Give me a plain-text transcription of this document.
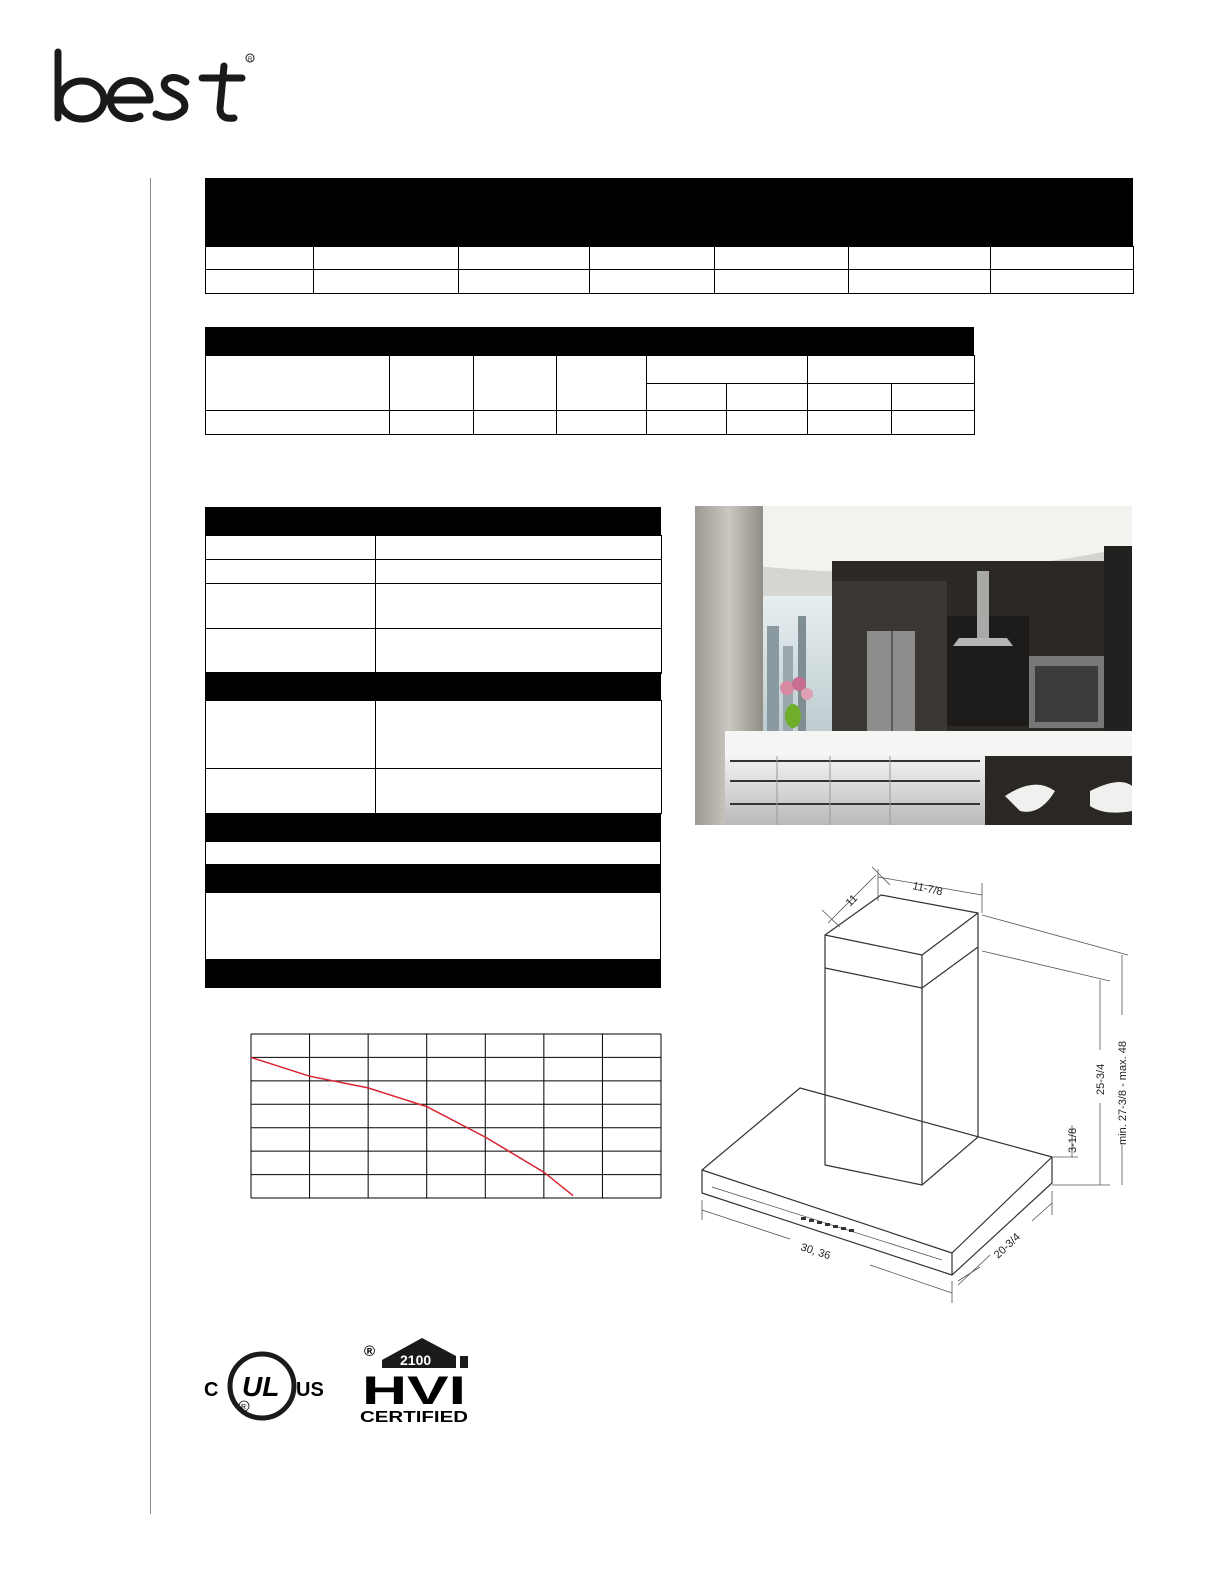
R

11
11-7/8
25-3/4 min. 27-3/8 - max. 48
3-1/8
30, 36	20-3/4
C UL US
R
2100
®
HVI
CERTIFIED
